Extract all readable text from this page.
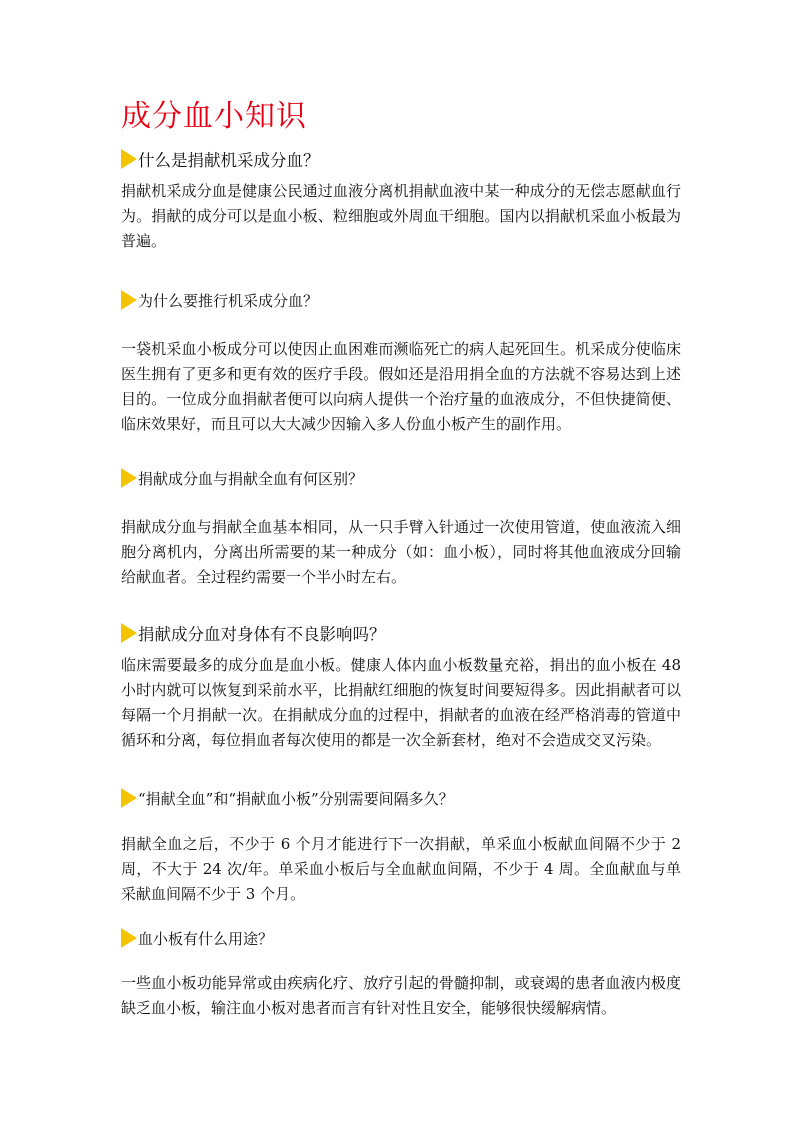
成分血小知识
什么是捐献机采成分血？

捐献机采成分血是健康公民通过血液分离机捐献血液中某一种成分的无偿志愿献血行为。捐献的成分可以是血小板、粒细胞或外周血干细胞。国内以捐献机采血小板最为普遍。

为什么要推行机采成分血？

一袋机采血小板成分可以使因止血困难而濒临死亡的病人起死回生。机采成分使临床医生拥有了更多和更有效的医疗手段。假如还是沿用捐全血的方法就不容易达到上述目的。一位成分血捐献者便可以向病人提供一个治疗量的血液成分，不但快捷简便、临床效果好，而且可以大大减少因输入多人份血小板产生的副作用。

捐献成分血与捐献全血有何区别？

捐献成分血与捐献全血基本相同，从一只手臂入针通过一次使用管道，使血液流入细胞分离机内，分离出所需要的某一种成分（如：血小板），同时将其他血液成分回输给献血者。全过程约需要一个半小时左右。

捐献成分血对身体有不良影响吗？

临床需要最多的成分血是血小板。健康人体内血小板数量充裕，捐出的血小板在 48 小时内就可以恢复到采前水平，比捐献红细胞的恢复时间要短得多。因此捐献者可以每隔一个月捐献一次。在捐献成分血的过程中，捐献者的血液在经严格消毒的管道中循环和分离，每位捐血者每次使用的都是一次全新套材，绝对不会造成交叉污染。

“捐献全血”和“捐献血小板”分别需要间隔多久？

捐献全血之后，不少于 6 个月才能进行下一次捐献，单采血小板献血间隔不少于 2 周，不大于 24 次/年。单采血小板后与全血献血间隔，不少于 4 周。全血献血与单采献血间隔不少于 3 个月。

血小板有什么用途？

一些血小板功能异常或由疾病化疗、放疗引起的骨髓抑制，或衰竭的患者血液内极度缺乏血小板，输注血小板对患者而言有针对性且安全，能够很快缓解病情。
